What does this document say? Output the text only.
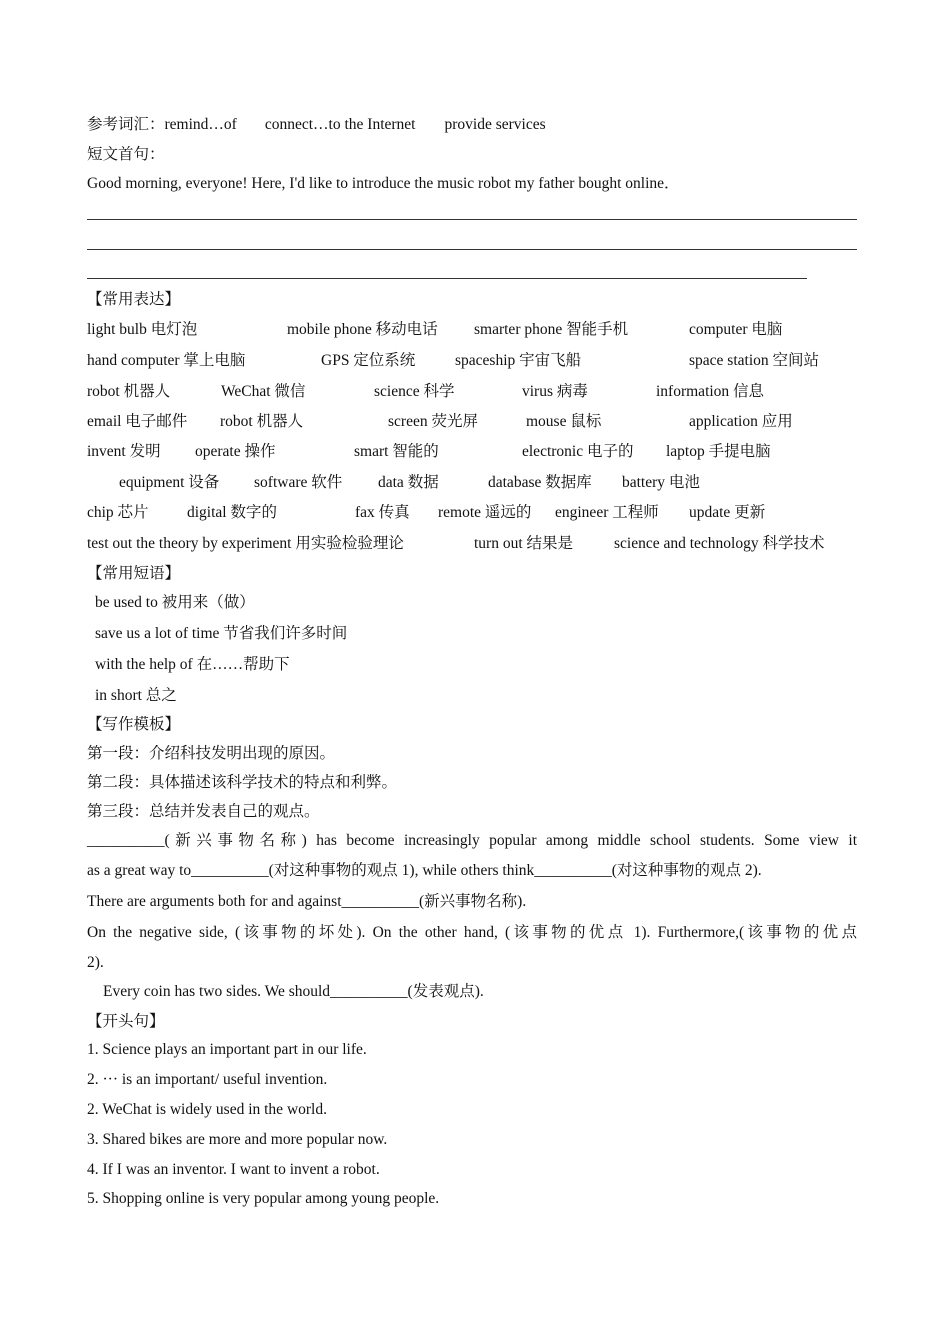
参考词汇：remind…of connect…to the Internet provide services
短文首句：
Good morning, everyone! Here, I'd like to introduce the music robot my father bought online．
【常用表达】
light bulb 电灯泡	mobile phone 移动电话 smarter phone 智能手机	computer 电脑
hand computer 掌上电脑	GPS 定位系统	spaceship 宇宙飞船	space station 空间站
robot 机器人	WeChat 微信	science 科学	virus 病毒	information 信息
email 电子邮件 robot 机器人	screen 荧光屏	mouse 鼠标	application 应用
invent 发明 operate 操作	smart 智能的	electronic 电子的 laptop 手提电脑
equipment 设备 software 软件 data 数据	database 数据库 battery 电池
chip 芯片 digital 数字的	fax 传真 remote 遥远的 engineer 工程师 update 更新
test out the theory by experiment 用实验检验理论	turn out 结果是	science and technology 科学技术
【常用短语】
be used to 被用来（做）
save us a lot of time 节省我们许多时间
with the help of 在……帮助下
in short 总之
【写作模板】
第一段：介绍科技发明出现的原因。
第二段：具体描述该科学技术的特点和利弊。
第三段：总结并发表自己的观点。
__________(新兴事物名称) has become increasingly popular among middle school students. Some view it
as a great way to__________(对这种事物的观点 1), while others think__________(对这种事物的观点 2).
There are arguments both for and against__________(新兴事物名称).
On the negative side, (该事物的坏处). On the other hand, (该事物的优点 1). Furthermore,(该事物的优点
2).
Every coin has two sides. We should__________(发表观点).
【开头句】
1. Science plays an important part in our life.
2. ··· is an important/ useful invention.
2. WeChat is widely used in the world.
3. Shared bikes are more and more popular now.
4. If I was an inventor. I want to invent a robot.
5. Shopping online is very popular among young people.
